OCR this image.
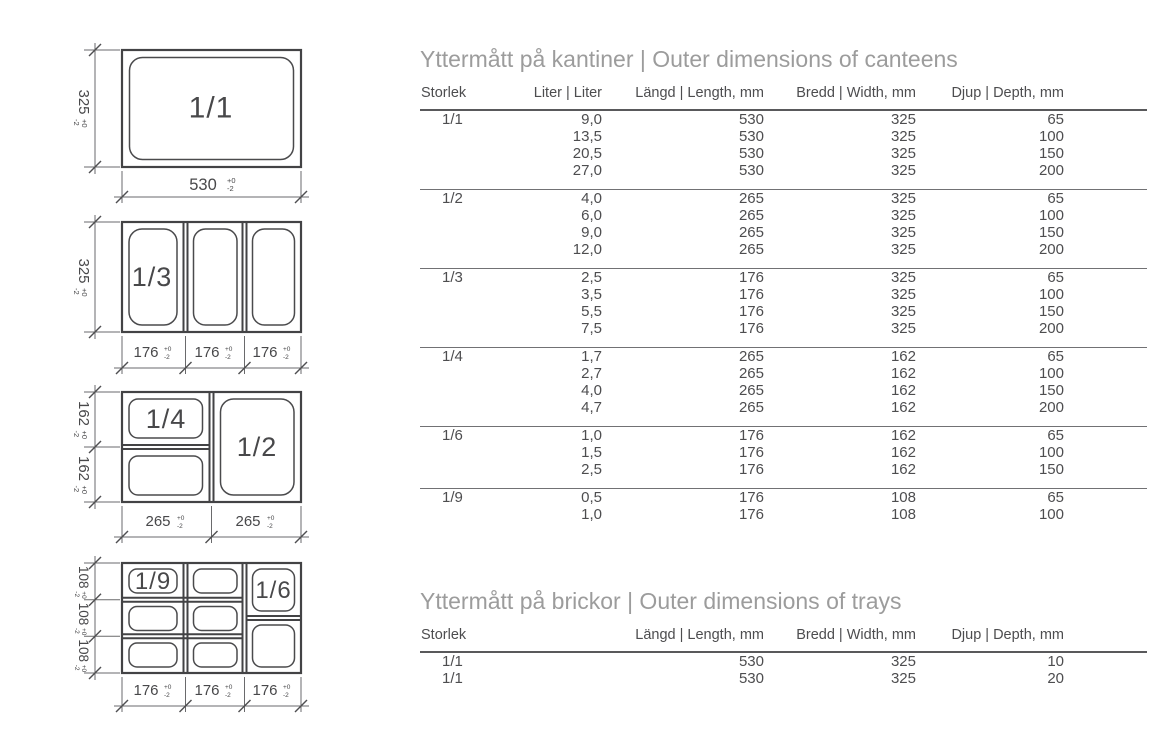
1/1
325
+0
-2
530 +0
-2
1/3
325
+0
-2
176 +0
-2 176 +0
-2 176 +0
-2
1/4
1/2
162
+0
-2
162
+0
-2
265 +0
-2	265 +0
-2
1/9	1/6
108
+0
-2
108
+0
-2
108
+0
-2
176 +0
-2 176 +0
-2 176 +0
-2
Yttermått på kantiner | Outer dimensions of canteens
Storlek	Liter | Liter	Längd | Length, mm	Bredd | Width, mm	Djup | Depth, mm	
1/1	9,0	530	325	65	
	13,5	530	325	100	
	20,5	530	325	150	
	27,0	530	325	200	
1/2	4,0	265	325	65	
	6,0	265	325	100	
	9,0	265	325	150	
	12,0	265	325	200	
1/3	2,5	176	325	65	
	3,5	176	325	100	
	5,5	176	325	150	
	7,5	176	325	200	
1/4	1,7	265	162	65	
	2,7	265	162	100	
	4,0	265	162	150	
	4,7	265	162	200	
1/6	1,0	176	162	65	
	1,5	176	162	100	
	2,5	176	162	150	
1/9	0,5	176	108	65	
	1,0	176	108	100	
Yttermått på brickor | Outer dimensions of trays
Storlek		Längd | Length, mm	Bredd | Width, mm	Djup | Depth, mm	
1/1		530	325	10	
1/1		530	325	20	
